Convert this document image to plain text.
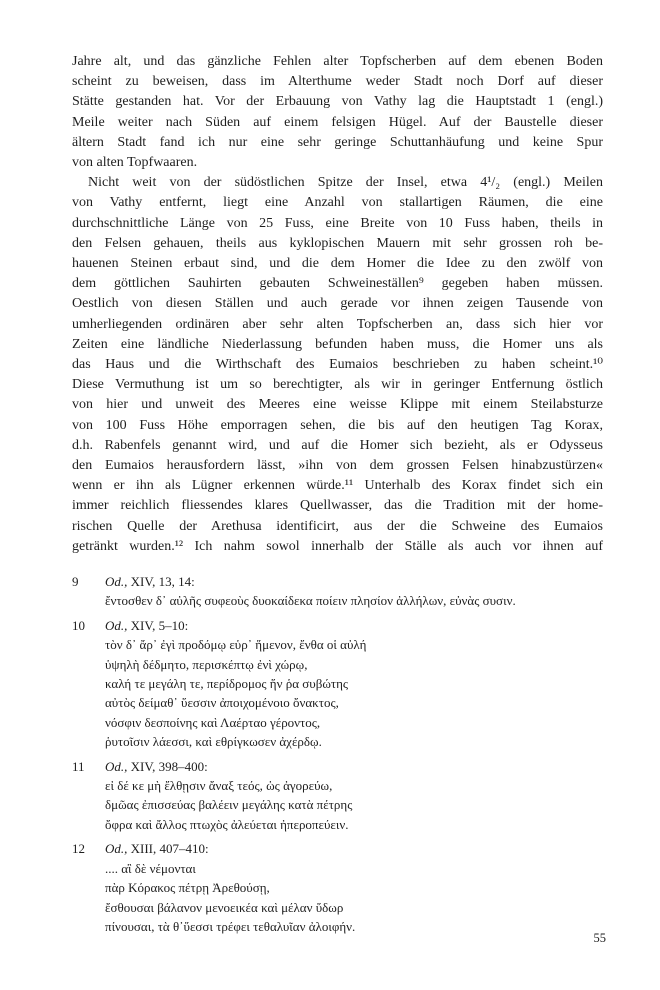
Jahre alt, und das gänzliche Fehlen alter Topfscherben auf dem ebenen Boden
scheint zu beweisen, dass im Alterthume weder Stadt noch Dorf auf dieser
Stätte gestanden hat. Vor der Erbauung von Vathy lag die Hauptstadt 1 (engl.)
Meile weiter nach Süden auf einem felsigen Hügel. Auf der Baustelle dieser
ältern Stadt fand ich nur eine sehr geringe Schuttanhäufung und keine Spur
von alten Topfwaaren.
Nicht weit von der südöstlichen Spitze der Insel, etwa 4¹/₂ (engl.) Meilen
von Vathy entfernt, liegt eine Anzahl von stallartigen Räumen, die eine
durchschnittliche Länge von 25 Fuss, eine Breite von 10 Fuss haben, theils in
den Felsen gehauen, theils aus kyklopischen Mauern mit sehr grossen roh be-
hauenen Steinen erbaut sind, und die dem Homer die Idee zu den zwölf von
dem göttlichen Sauhirten gebauten Schweineställen⁹ gegeben haben müssen.
Oestlich von diesen Ställen und auch gerade vor ihnen zeigen Tausende von
umherliegenden ordinären aber sehr alten Topfscherben an, dass sich hier vor
Zeiten eine ländliche Niederlassung befunden haben muss, die Homer uns als
das Haus und die Wirthschaft des Eumaios beschrieben zu haben scheint.¹⁰
Diese Vermuthung ist um so berechtigter, als wir in geringer Entfernung östlich
von hier und unweit des Meeres eine weisse Klippe mit einem Steilabsturze
von 100 Fuss Höhe emporragen sehen, die bis auf den heutigen Tag Korax,
d.h. Rabenfels genannt wird, und auf die Homer sich bezieht, als er Odysseus
den Eumaios herausfordern lässt, »ihn von dem grossen Felsen hinabzustürzen«
wenn er ihn als Lügner erkennen würde.¹¹ Unterhalb des Korax findet sich ein
immer reichlich fliessendes klares Quellwasser, das die Tradition mit der home-
rischen Quelle der Arethusa identificirt, aus der die Schweine des Eumaios
getränkt wurden.¹² Ich nahm sowol innerhalb der Ställe als auch vor ihnen auf
9	Od., XIV, 13, 14:
ἔντοσθεν δ᾽ αὐλῆς συφεοὺς δυοκαίδεκα ποίειν πλησίον ἀλλήλων, εὐνὰς συσιν.
10	Od., XIV, 5–10:
τὸν δ᾽ ἄρ᾽ ἐγὶ προδόμῳ εὑρ᾽ ἥμενον, ἔνθα οἱ αὐλή
ὑψηλὴ δέδμητο, περισκέπτῳ ἐνὶ χώρῳ,
καλή τε μεγάλη τε, περίδρομος ἥν ῥα συβώτης
αὐτὸς δείμαθ᾽ ὕεσσιν ἀποιχομένοιο ὄνακτος,
νόσφιν δεσποίνης καὶ Λαέρταο γέροντος,
ῥυτοῖσιν λάεσσι, καὶ εθρίγκωσεν ἀχέρδῳ.
11	Od., XIV, 398–400:
εἰ δέ κε μὴ ἔλθῃσιν ἄναξ τεός, ὡς ἀγορεύω,
δμῶας ἐπισσεύας βαλέειν μεγάλης κατὰ πέτρης
ὄφρα καὶ ἄλλος πτωχὸς ἀλεύεται ἠπεροπεύειν.
12	Od., XIII, 407–410:
.... αἳ δὲ νέμονται
πὰρ Κόρακος πέτρῃ Ἀρεθούσῃ,
ἔσθουσαι βάλανον μενοεικέα καὶ μέλαν ὕδωρ
πίνουσαι, τὰ θ᾽ὕεσσι τρέφει τεθαλυῖαν ἀλοιφήν.
55
